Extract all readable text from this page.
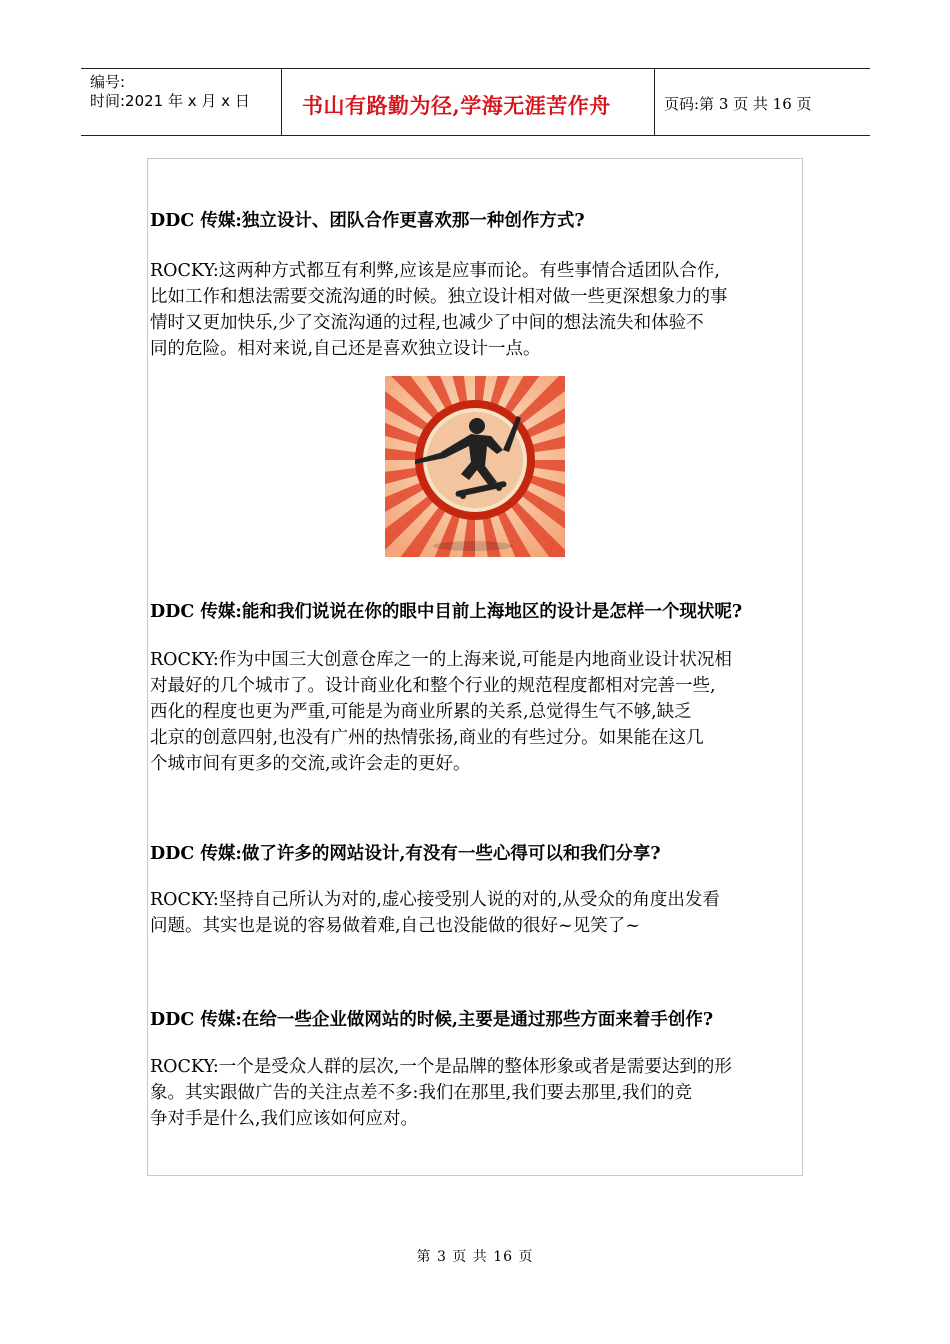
编号:
时间:2021 年 x 月 x 日	书山有路勤为径,学海无涯苦作舟	页码:第 3 页 共 16 页
DDC 传媒:独立设计、团队合作更喜欢那一种创作方式?
ROCKY:这两种方式都互有利弊,应该是应事而论。有些事情合适团队合作,
比如工作和想法需要交流沟通的时候。独立设计相对做一些更深想象力的事
情时又更加快乐,少了交流沟通的过程,也减少了中间的想法流失和体验不
同的危险。相对来说,自己还是喜欢独立设计一点。
DDC 传媒:能和我们说说在你的眼中目前上海地区的设计是怎样一个现状呢?
ROCKY:作为中国三大创意仓库之一的上海来说,可能是内地商业设计状况相
对最好的几个城市了。设计商业化和整个行业的规范程度都相对完善一些,
西化的程度也更为严重,可能是为商业所累的关系,总觉得生气不够,缺乏
北京的创意四射,也没有广州的热情张扬,商业的有些过分。如果能在这几
个城市间有更多的交流,或许会走的更好。
DDC 传媒:做了许多的网站设计,有没有一些心得可以和我们分享?
ROCKY:坚持自己所认为对的,虚心接受别人说的对的,从受众的角度出发看
问题。其实也是说的容易做着难,自己也没能做的很好~见笑了~
DDC 传媒:在给一些企业做网站的时候,主要是通过那些方面来着手创作?
ROCKY:一个是受众人群的层次,一个是品牌的整体形象或者是需要达到的形
象。其实跟做广告的关注点差不多:我们在那里,我们要去那里,我们的竞
争对手是什么,我们应该如何应对。
第 3 页 共 16 页
